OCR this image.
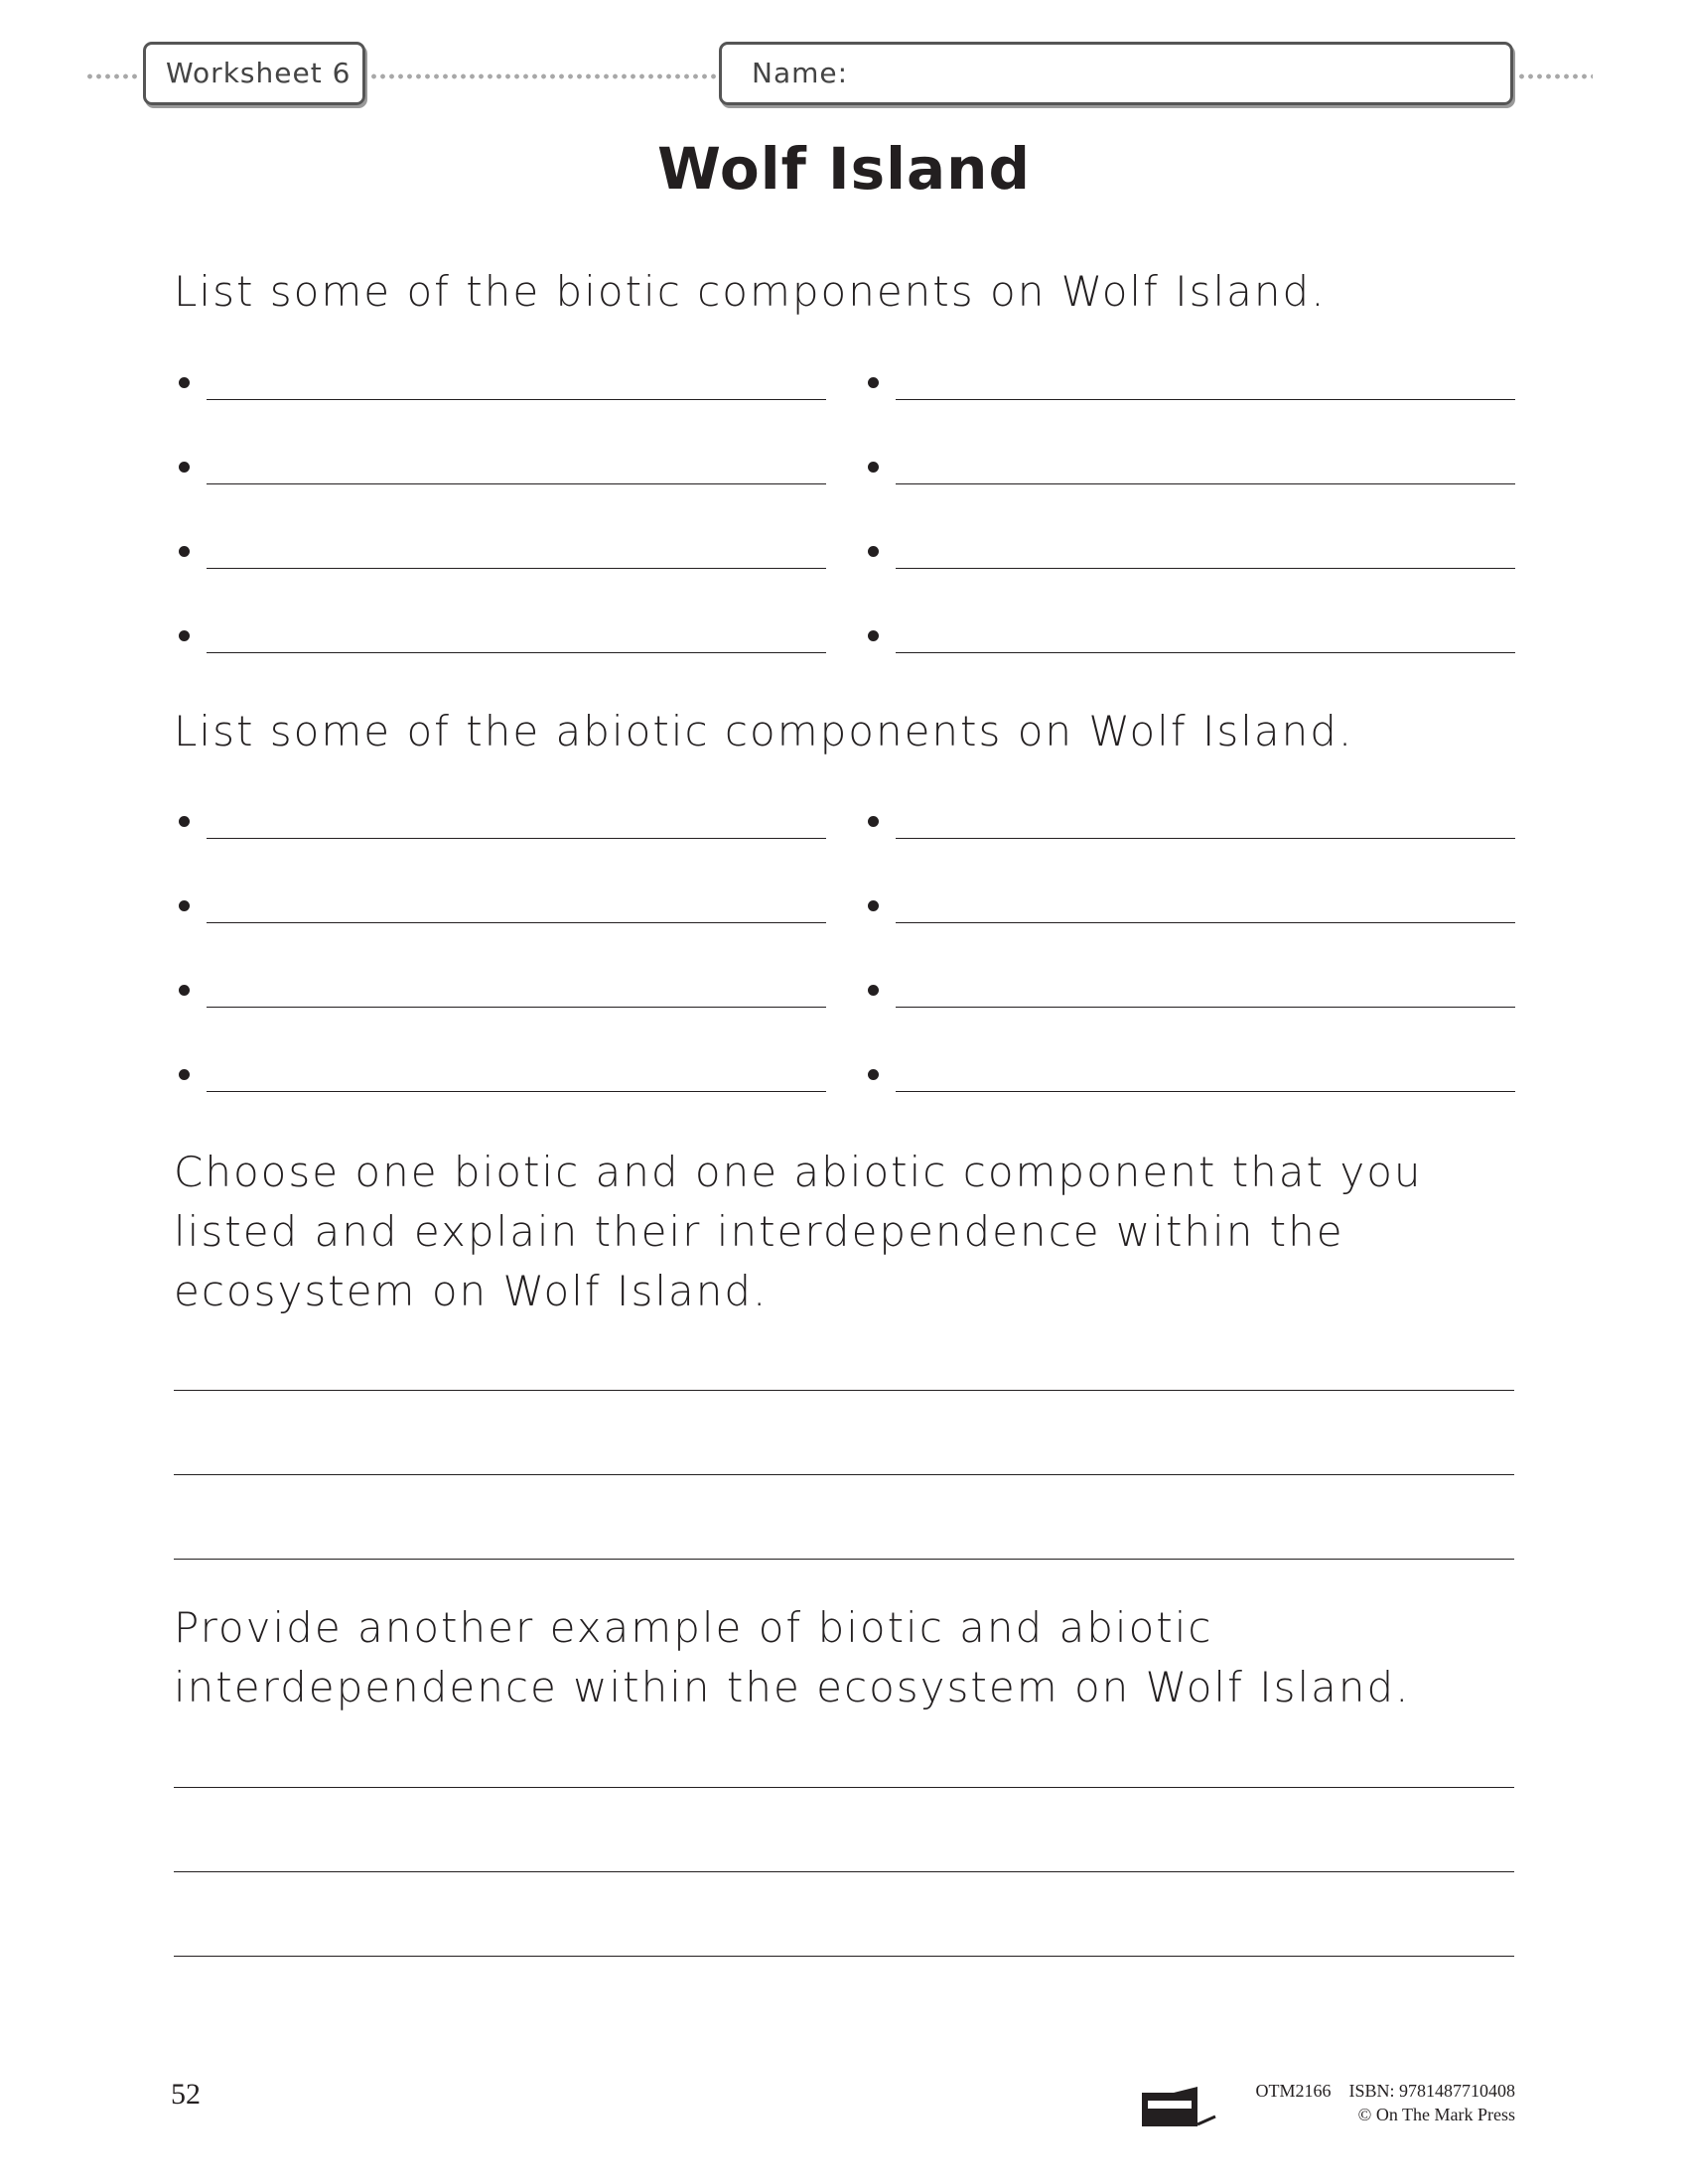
Worksheet 6	Name:
Wolf Island
List some of the biotic components on Wolf Island.
List some of the abiotic components on Wolf Island.
Choose one biotic and one abiotic component that you listed and explain their interdependence within the ecosystem on Wolf Island.
Provide another example of biotic and abiotic interdependence within the ecosystem on Wolf Island.
52	OTM2166 ISBN: 9781487710408
© On The Mark Press
